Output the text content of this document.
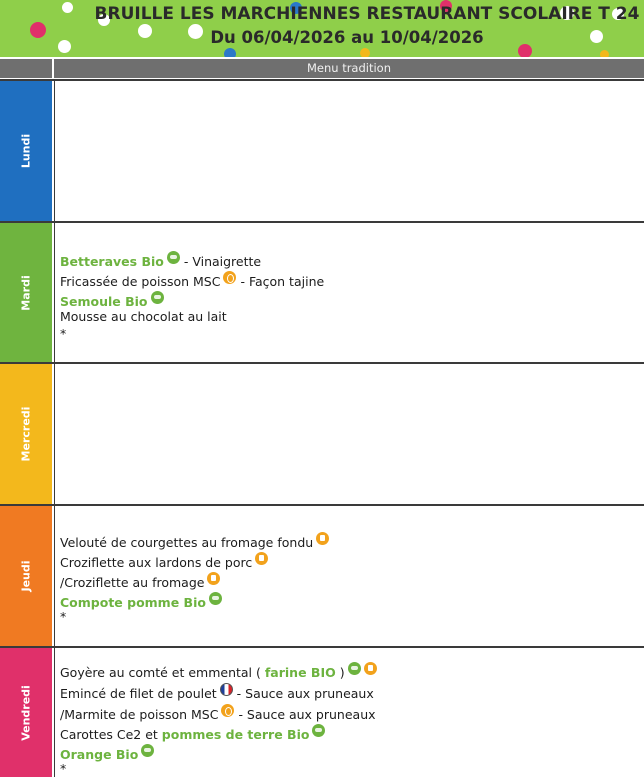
BRUILLE LES MARCHIENNES RESTAURANT SCOLAIRE T 24
Du 06/04/2026 au 10/04/2026
Menu tradition
Lundi
Mardi
Betteraves Bio - Vinaigrette
Fricassée de poisson MSC - Façon tajine
Semoule Bio
Mousse au chocolat au lait
*
Mercredi
Jeudi
Velouté de courgettes au fromage fondu
Croziflette aux lardons de porc
/Croziflette au fromage
Compote pomme Bio
*
Vendredi
Goyère au comté et emmental ( farine BIO )
Emincé de filet de poulet - Sauce aux pruneaux
/Marmite de poisson MSC - Sauce aux pruneaux
Carottes Ce2 et pommes de terre Bio
Orange Bio
*
